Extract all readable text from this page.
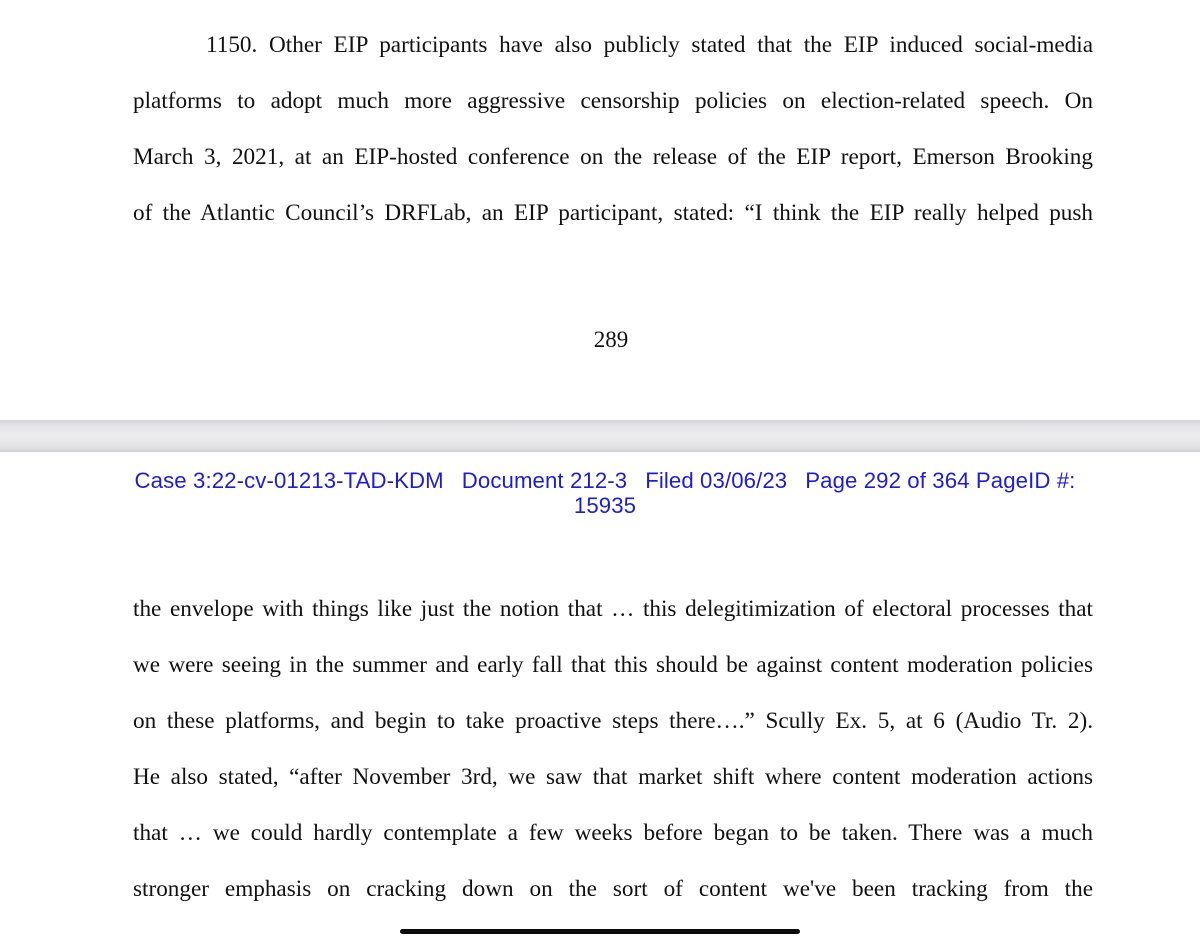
1150. Other EIP participants have also publicly stated that the EIP induced social-media
platforms to adopt much more aggressive censorship policies on election-related speech. On
March 3, 2021, at an EIP-hosted conference on the release of the EIP report, Emerson Brooking
of the Atlantic Council’s DRFLab, an EIP participant, stated: “I think the EIP really helped push
289
Case 3:22-cv-01213-TAD-KDM Document 212-3 Filed 03/06/23 Page 292 of 364 PageID #:
15935
the envelope with things like just the notion that … this delegitimization of electoral processes that
we were seeing in the summer and early fall that this should be against content moderation policies
on these platforms, and begin to take proactive steps there….” Scully Ex. 5, at 6 (Audio Tr. 2).
He also stated, “after November 3rd, we saw that market shift where content moderation actions
that … we could hardly contemplate a few weeks before began to be taken. There was a much
stronger emphasis on cracking down on the sort of content we've been tracking from the
